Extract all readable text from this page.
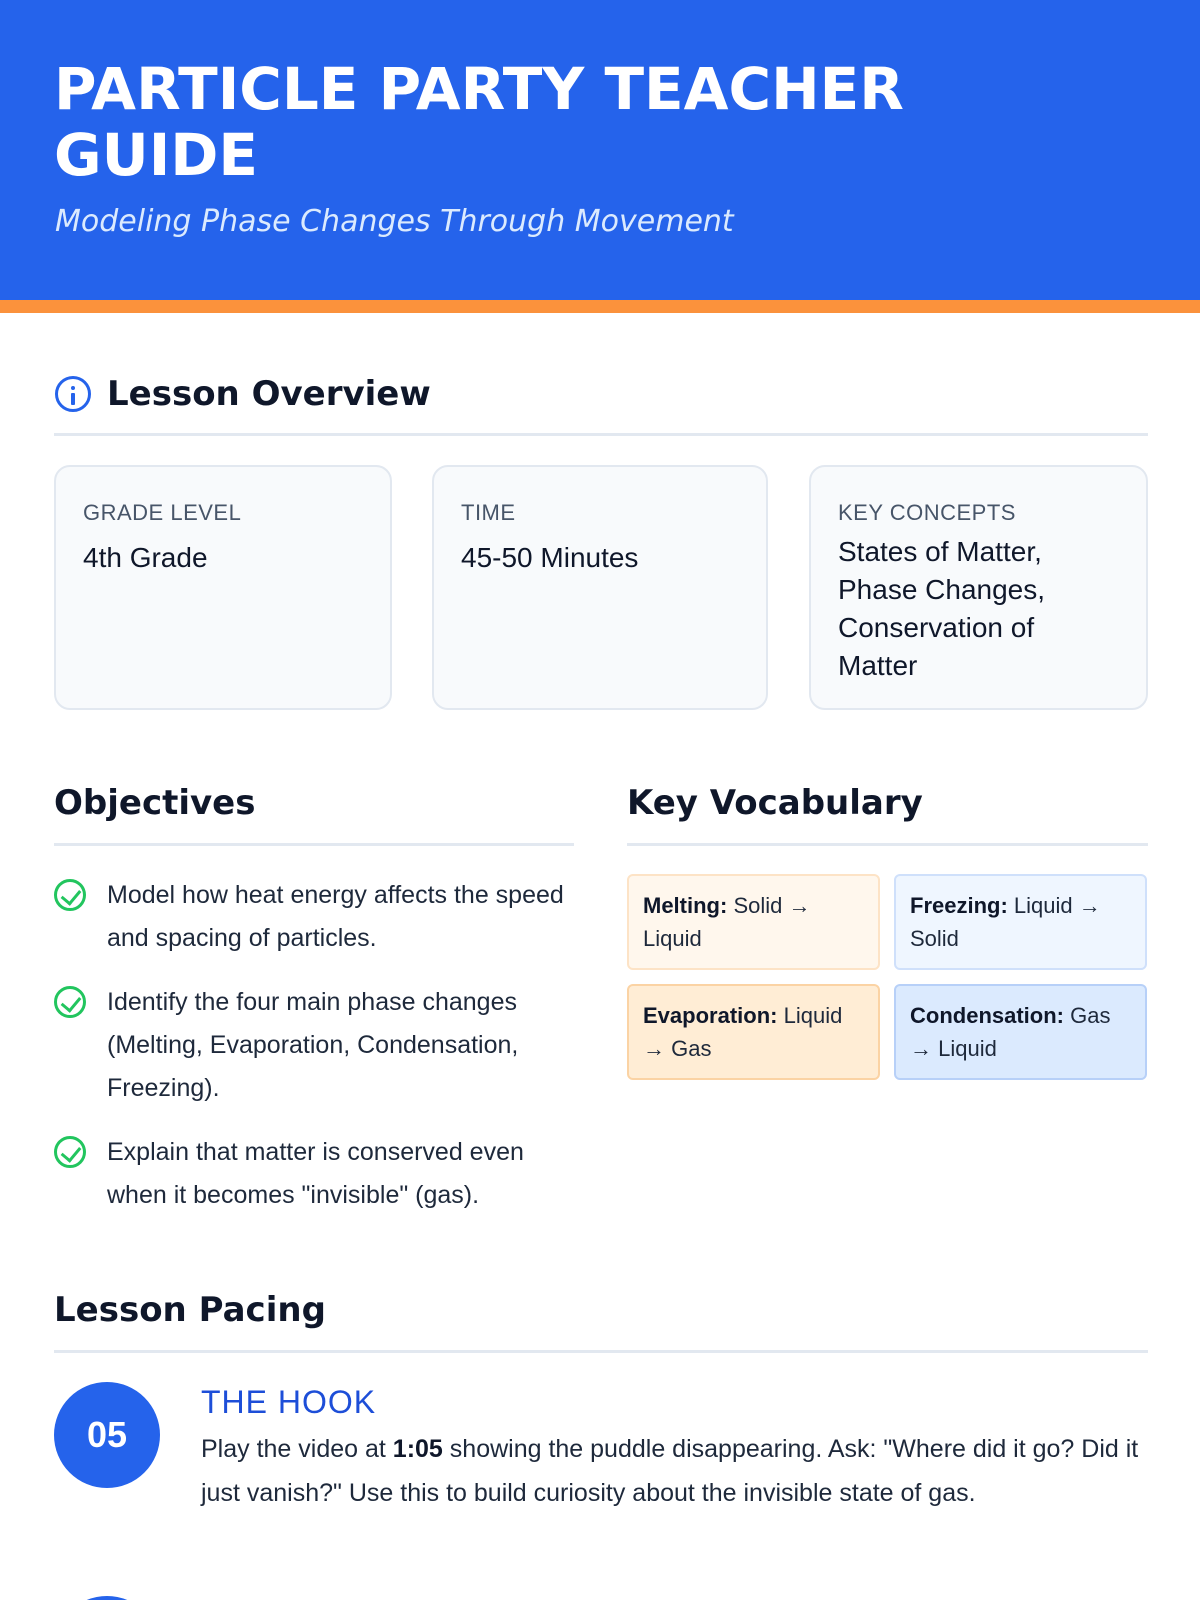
PARTICLE PARTY TEACHER GUIDE
Modeling Phase Changes Through Movement
Lesson Overview
GRADE LEVEL
4th Grade
TIME
45-50 Minutes
KEY CONCEPTS
States of Matter, Phase Changes, Conservation of Matter
Objectives
Model how heat energy affects the speed and spacing of particles.
Identify the four main phase changes (Melting, Evaporation, Condensation, Freezing).
Explain that matter is conserved even when it becomes "invisible" (gas).
Key Vocabulary
Melting: Solid → Liquid
Freezing: Liquid → Solid
Evaporation: Liquid → Gas
Condensation: Gas → Liquid
Lesson Pacing
05
THE HOOK
Play the video at 1:05 showing the puddle disappearing. Ask: "Where did it go? Did it just vanish?" Use this to build curiosity about the invisible state of gas.
